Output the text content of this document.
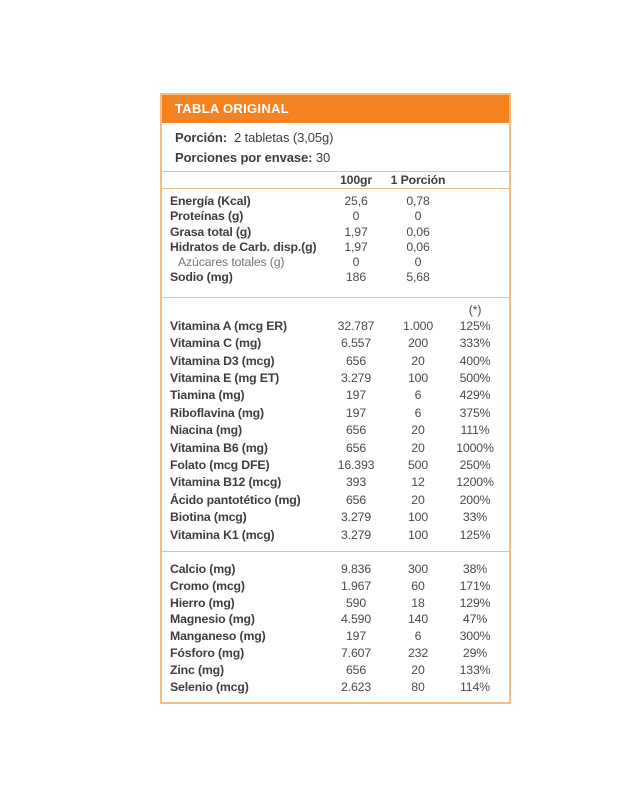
TABLA ORIGINAL
Porción: 2 tabletas (3,05g)
Porciones por envase: 30
100gr	1 Porción
Energía (Kcal)	25,6	0,78
Proteínas (g)	0	0
Grasa total (g)	1,97	0,06
Hidratos de Carb. disp.(g)	1,97	0,06
Azúcares totales (g)	0	0
Sodio (mg)	186	5,68
(*)
Vitamina A (mcg ER)	32.787	1.000	125%
Vitamina C (mg)	6.557	200	333%
Vitamina D3 (mcg)	656	20	400%
Vitamina E (mg ET)	3.279	100	500%
Tiamina (mg)	197	6	429%
Riboflavina (mg)	197	6	375%
Niacina (mg)	656	20	111%
Vitamina B6 (mg)	656	20	1000%
Folato (mcg DFE)	16.393	500	250%
Vitamina B12 (mcg)	393	12	1200%
Ácido pantotético (mg)	656	20	200%
Biotina (mcg)	3.279	100	33%
Vitamina K1 (mcg)	3.279	100	125%
Calcio (mg)	9.836	300	38%
Cromo (mcg)	1.967	60	171%
Hierro (mg)	590	18	129%
Magnesio (mg)	4.590	140	47%
Manganeso (mg)	197	6	300%
Fósforo (mg)	7.607	232	29%
Zinc (mg)	656	20	133%
Selenio (mcg)	2.623	80	114%
